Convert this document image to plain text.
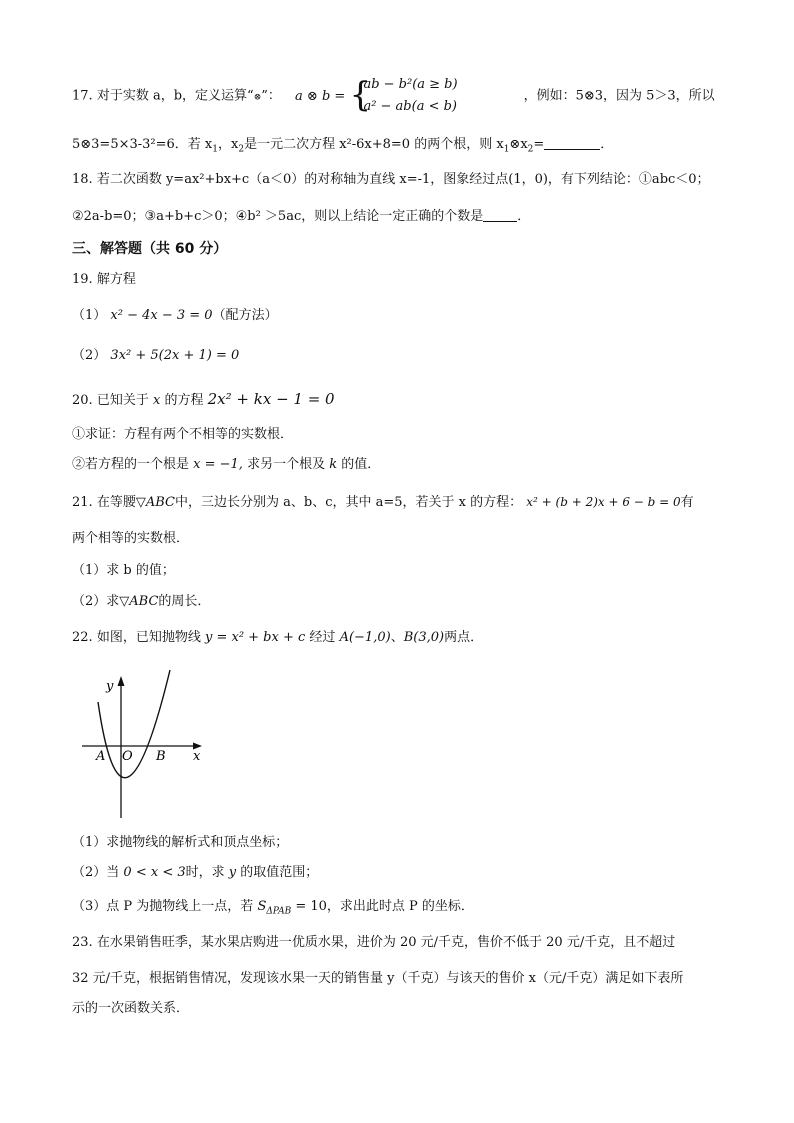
17. 对于实数 a，b，定义运算“⊗”： a ⊗ b = {
ab − b²(a ≥ b)
a² − ab(a < b)
，例如：5⊗3，因为 5＞3，所以
5⊗3=5×3-3²=6．若 $x_1$，$x_2$是一元二次方程 x²-6x+8=0 的两个根，则 $x_1\otimes x_2=$	．
18. 若二次函数 y=ax²+bx+c（a＜0）的对称轴为直线 x=-1，图象经过点(1，0)，有下列结论：①abc＜0；
②2a-b=0；③a+b+c＞0；④b² ＞5ac，则以上结论一定正确的个数是	．
三、解答题（共 60 分）
19. 解方程
（1） x² − 4x − 3 = 0（配方法）
（2） 3x² + 5(2x + 1) = 0
20. 已知关于 x 的方程 2x² + kx − 1 = 0
①求证：方程有两个不相等的实数根．
②若方程的一个根是 x = −1, 求另一个根及 k 的值．
21. 在等腰▽ABC中，三边长分别为 a、b、c，其中 a=5，若关于 x 的方程： x² + (b + 2)x + 6 − b = 0有
两个相等的实数根．
（1）求 b 的值；
（2）求▽ABC的周长．
22. 如图，已知抛物线 y = x² + bx + c 经过 A(−1,0)、B(3,0)两点．
y
x
A O B
（1）求抛物线的解析式和顶点坐标；
（2）当 0 < x < 3时，求 y 的取值范围；
（3）点 P 为抛物线上一点，若 $S_{\Delta PAB} = 10$，求出此时点 P 的坐标．
23. 在水果销售旺季，某水果店购进一优质水果，进价为 20 元/千克，售价不低于 20 元/千克，且不超过
32 元/千克，根据销售情况，发现该水果一天的销售量 y（千克）与该天的售价 x（元/千克）满足如下表所
示的一次函数关系．
